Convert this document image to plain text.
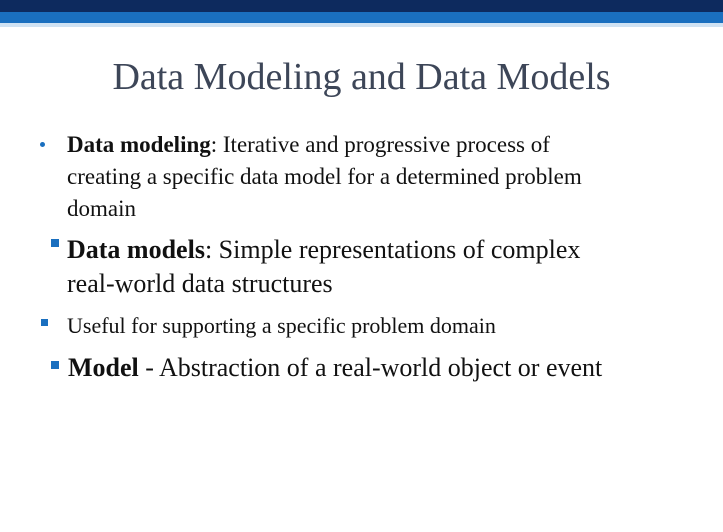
Data Modeling and Data Models
Data modeling: Iterative and progressive process of
creating a specific data model for a determined problem
domain
Data models: Simple representations of complex
real-world data structures
Useful for supporting a specific problem domain
Model - Abstraction of a real-world object or event
